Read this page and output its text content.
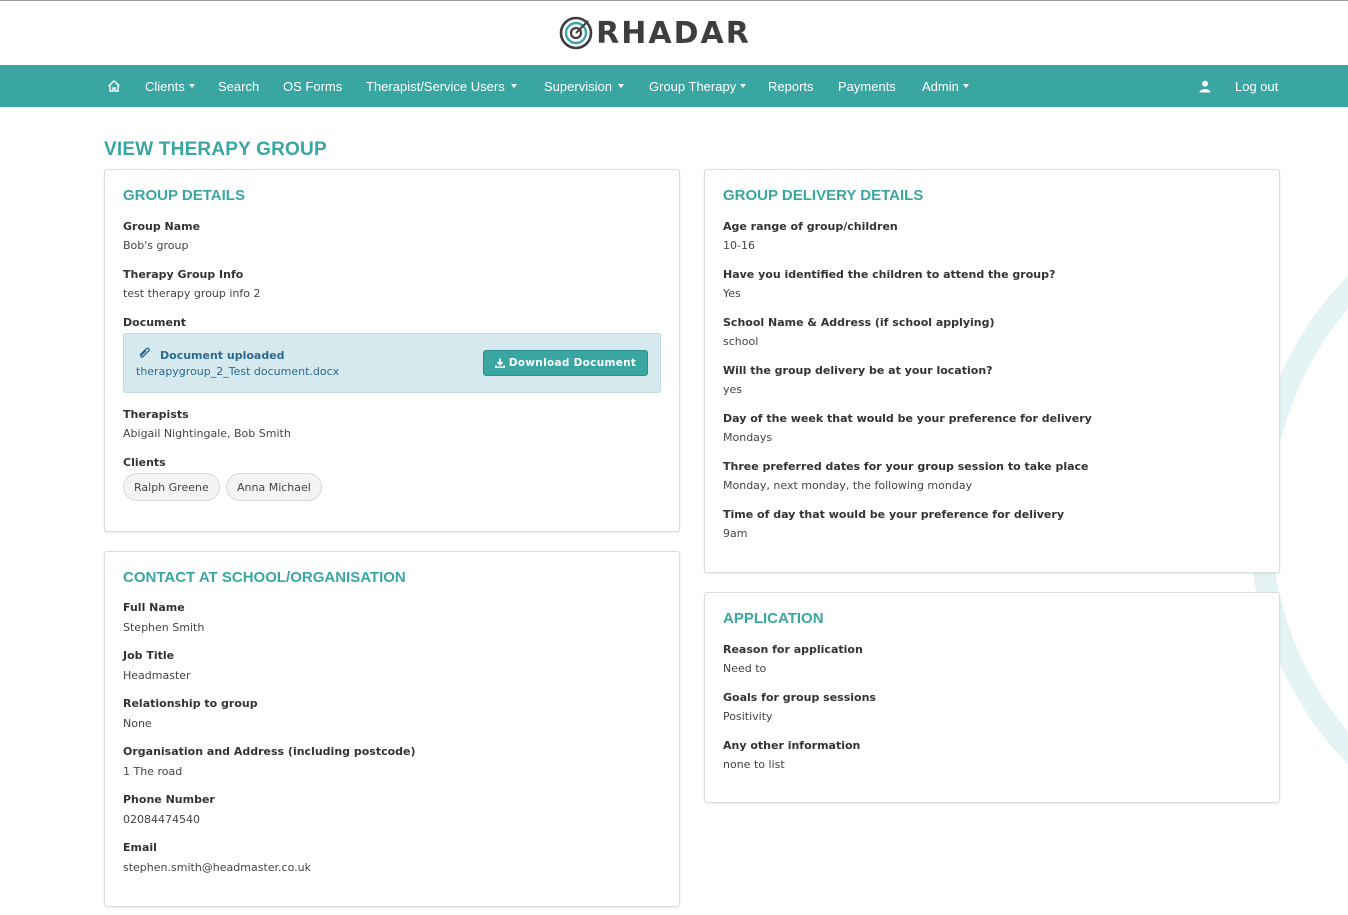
RHADAR
Clients	Search OS Forms Therapist/Service Users	Supervision	Group Therapy Reports Payments Admin	Log out
VIEW THERAPY GROUP
GROUP DETAILS
Group Name
Bob's group
Therapy Group Info
test therapy group info 2
Document
Document uploaded
therapygroup_2_Test document.docx
Download Document
Therapists
Abigail Nightingale, Bob Smith
Clients
Ralph Greene	Anna Michael
CONTACT AT SCHOOL/ORGANISATION
Full Name
Stephen Smith
Job Title
Headmaster
Relationship to group
None
Organisation and Address (including postcode)
1 The road
Phone Number
02084474540
Email
stephen.smith@headmaster.co.uk
GROUP DELIVERY DETAILS
Age range of group/children
10-16
Have you identified the children to attend the group?
Yes
School Name & Address (if school applying)
school
Will the group delivery be at your location?
yes
Day of the week that would be your preference for delivery
Mondays
Three preferred dates for your group session to take place
Monday, next monday, the following monday
Time of day that would be your preference for delivery
9am
APPLICATION
Reason for application
Need to
Goals for group sessions
Positivity
Any other information
none to list
